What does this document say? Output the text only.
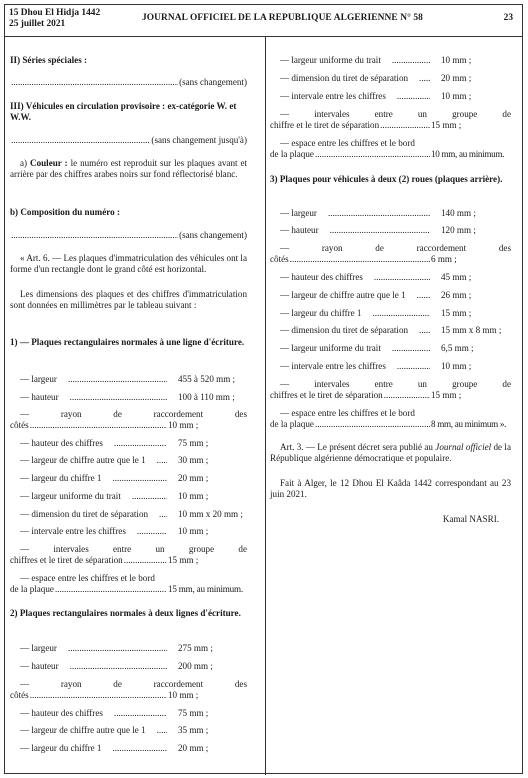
15 Dhou El Hidja 1442
25 juillet 2021
JOURNAL OFFICIEL DE LA REPUBLIQUE ALGERIENNE N° 58	23
II) Séries spéciales :
.....
(sans changement)
III) Véhicules en circulation provisoire : ex-catégorie W. et W.W.
.....
(sans changement jusqu'à)
a) Couleur : le numéro est reproduit sur les plaques avant et arrière par des chiffres arabes noirs sur fond réflectorisé blanc.
b) Composition du numéro :
.....
(sans changement)
« Art. 6. — Les plaques d'immatriculation des véhicules ont la forme d'un rectangle dont le grand côté est horizontal.
Les dimensions des plaques et des chiffres d'immatriculation sont données en millimètres par le tableau suivant :
1) — Plaques rectangulaires normales à une ligne d'écriture.
— largeur .....	455 à 520 mm ;
— hauteur .....	100 à 110 mm ;
— rayon de raccordement des
côtés .....	10 mm ;
— hauteur des chiffres .....	75 mm ;
— largeur de chiffre autre que le 1 .....	30 mm ;
— largeur du chiffre 1 .....	20 mm ;
— largeur uniforme du trait .....	10 mm ;
— dimension du tiret de séparation .....	10 mm x 20 mm ;
— intervale entre les chiffres .....	10 mm ;
— intervales entre un groupe de
chiffres et le tiret de séparation .....	15 mm ;
— espace entre les chiffres et le bord
de la plaque .....	15 mm, au minimum.
2) Plaques rectangulaires normales à deux lignes d'écriture.
— largeur .....	275 mm ;
— hauteur .....	200 mm ;
— rayon de raccordement des
côtés .....	10 mm ;
— hauteur des chiffres .....	75 mm ;
— largeur de chiffre autre que le 1 .....	35 mm ;
— largeur du chiffre 1 .....	20 mm ;
— largeur uniforme du trait .....	10 mm ;
— dimension du tiret de séparation .....	20 mm ;
— intervale entre les chiffres .....	10 mm ;
— intervales entre un groupe de
chiffre et le tiret de séparation .....	15 mm ;
— espace entre les chiffres et le bord
de la plaque .....	10 mm, au minimum.
3) Plaques pour véhicules à deux (2) roues (plaques arrière).
— largeur .....	140 mm ;
— hauteur .....	120 mm ;
— rayon de raccordement des
côtés .....	6 mm ;
— hauteur des chiffres .....	45 mm ;
— largeur de chiffre autre que le 1 .....	26 mm ;
— largeur du chiffre 1 .....	15 mm ;
— dimension du tiret de séparation .....	15 mm x 8 mm ;
— largeur uniforme du trait .....	6,5 mm ;
— intervale entre les chiffres .....	10 mm ;
— intervales entre un groupe de
chiffres et le tiret de séparation .....	15 mm ;
— espace entre les chiffres et le bord
de la plaque .....	8 mm, au minimum ».
Art. 3. — Le présent décret sera publié au Journal officiel de la République algérienne démocratique et populaire.
Fait à Alger, le 12 Dhou El Kaâda 1442 correspondant au 23 juin 2021.
Kamal NASRI.
